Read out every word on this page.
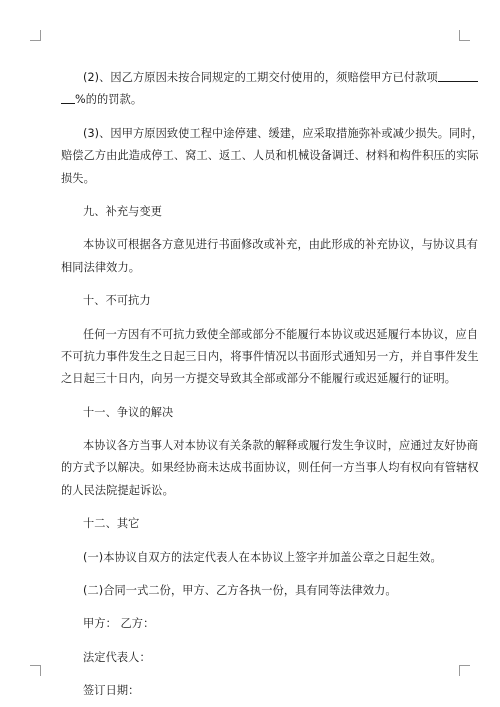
(2)、因乙方原因未按合同规定的工期交付使用的，须赔偿甲方已付款项
%的的罚款。
(3)、因甲方原因致使工程中途停建、缓建，应采取措施弥补或减少损失。同时，
赔偿乙方由此造成停工、窝工、返工、人员和机械设备调迁、材料和构件积压的实际
损失。
九、补充与变更
本协议可根据各方意见进行书面修改或补充，由此形成的补充协议，与协议具有
相同法律效力。
十、不可抗力
任何一方因有不可抗力致使全部或部分不能履行本协议或迟延履行本协议，应自
不可抗力事件发生之日起三日内，将事件情况以书面形式通知另一方，并自事件发生
之日起三十日内，向另一方提交导致其全部或部分不能履行或迟延履行的证明。
十一、争议的解决
本协议各方当事人对本协议有关条款的解释或履行发生争议时，应通过友好协商
的方式予以解决。如果经协商未达成书面协议，则任何一方当事人均有权向有管辖权
的人民法院提起诉讼。
十二、其它
(一)本协议自双方的法定代表人在本协议上签字并加盖公章之日起生效。
(二)合同一式二份，甲方、乙方各执一份，具有同等法律效力。
甲方： 乙方：
法定代表人：
签订日期：
